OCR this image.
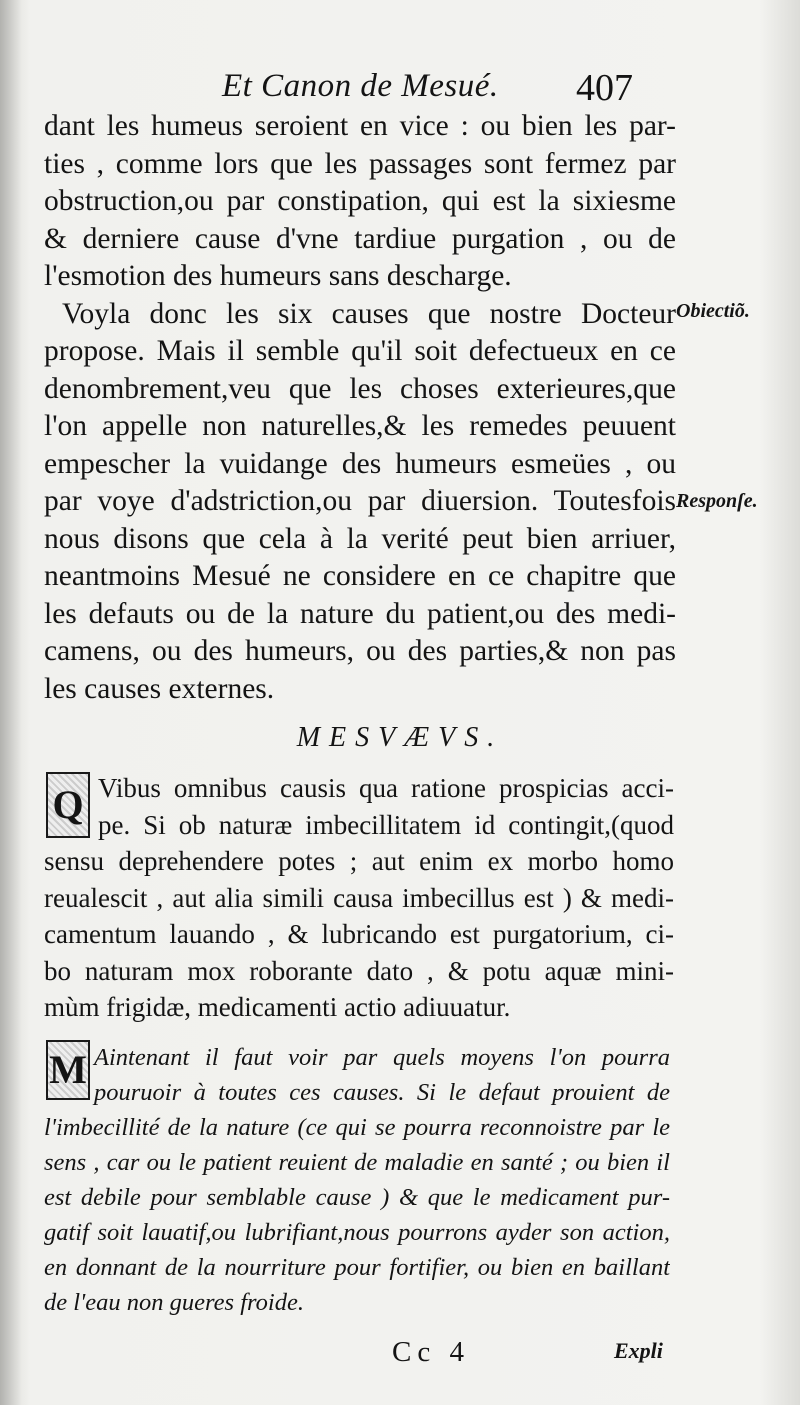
Et Canon de Mesué. 407
dant les humeus seroient en vice : ou bien les par-
ties , comme lors que les passages sont fermez par
obstruction,ou par constipation, qui est la sixiesme
& derniere cause d'vne tardiue purgation , ou de
l'esmotion des humeurs sans descharge.
Voyla donc les six causes que nostre Docteur
propose. Mais il semble qu'il soit defectueux en ce
denombrement,veu que les choses exterieures,que
l'on appelle non naturelles,& les remedes peuuent
empescher la vuidange des humeurs esmeües , ou
par voye d'adstriction,ou par diuersion. Toutesfois
nous disons que cela à la verité peut bien arriuer,
neantmoins Mesué ne considere en ce chapitre que
les defauts ou de la nature du patient,ou des medi-
camens, ou des humeurs, ou des parties,& non pas
les causes externes.
Obiectiõ.
Responſe.
MESVÆVS.
Q Vibus omnibus causis qua ratione prospicias acci-
pe. Si ob naturæ imbecillitatem id contingit,(quod
sensu deprehendere potes ; aut enim ex morbo homo
reualescit , aut alia simili causa imbecillus est ) & medi-
camentum lauando , & lubricando est purgatorium, ci-
bo naturam mox roborante dato , & potu aquæ mini-
mùm frigidæ, medicamenti actio adiuuatur.
M Aintenant il faut voir par quels moyens l'on pourra
pouruoir à toutes ces causes. Si le defaut prouient de
l'imbecillité de la nature (ce qui se pourra reconnoistre par le
sens , car ou le patient reuient de maladie en santé ; ou bien il
est debile pour semblable cause ) & que le medicament pur-
gatif soit lauatif,ou lubrifiant,nous pourrons ayder son action,
en donnant de la nourriture pour fortifier, ou bien en baillant
de l'eau non gueres froide.
Cc 4	Expli
